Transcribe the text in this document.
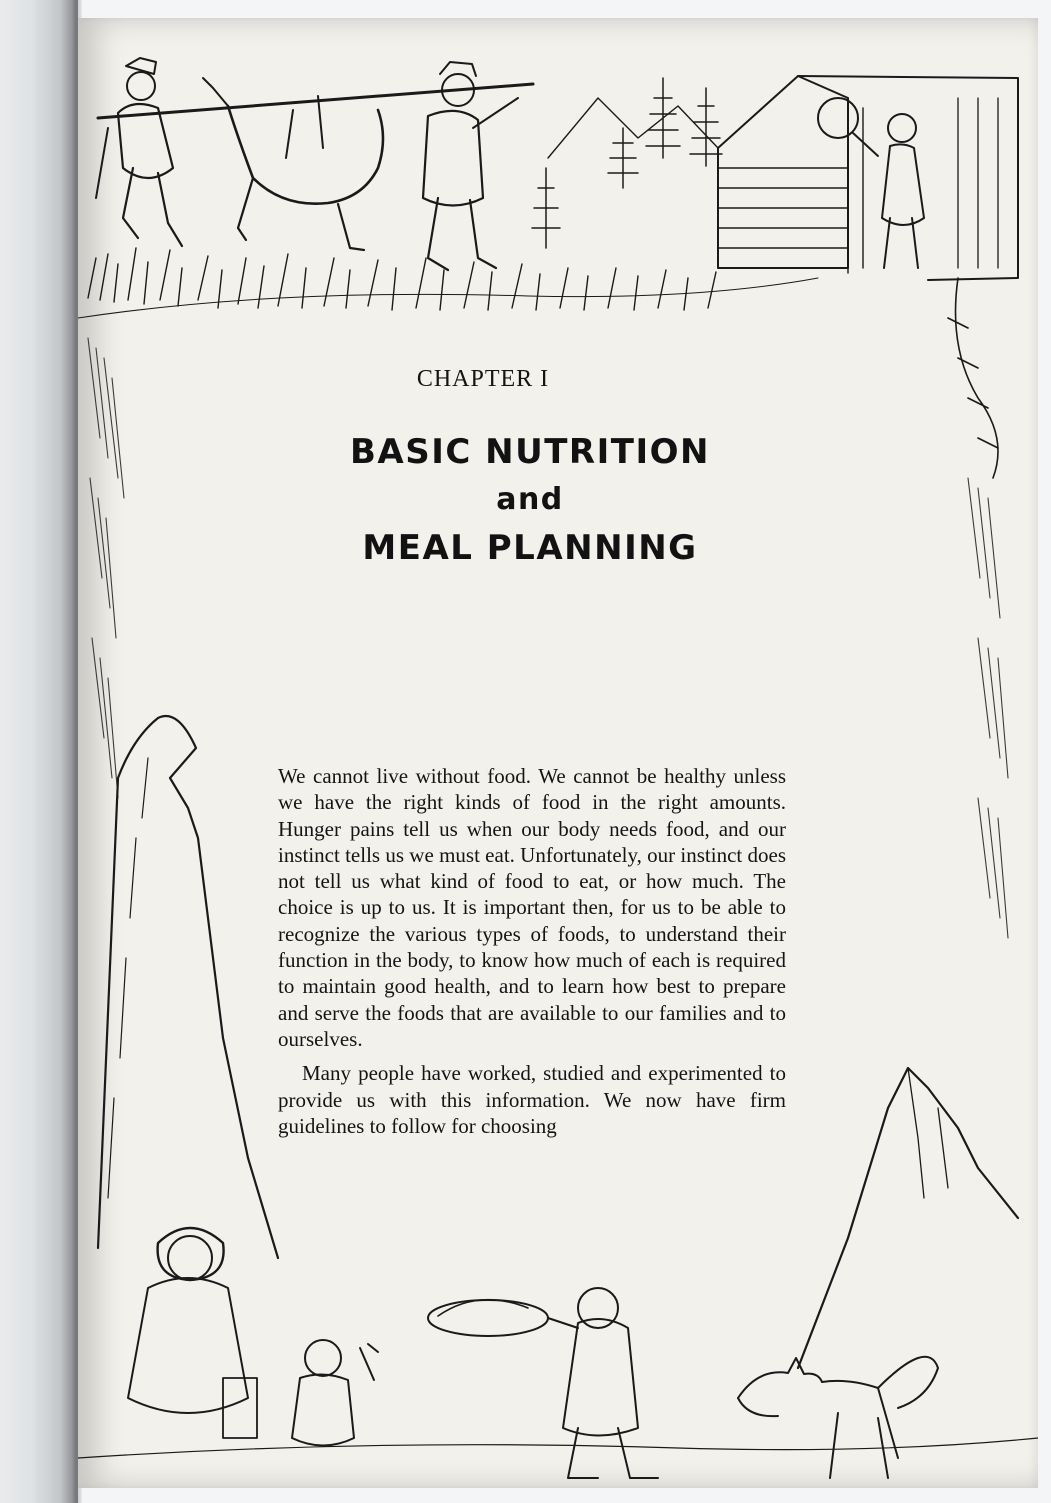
CHAPTER I
BASIC NUTRITION
and
MEAL PLANNING

We cannot live without food. We cannot be healthy unless we have the right kinds of food in the right amounts. Hunger pains tell us when our body needs food, and our instinct tells us we must eat. Unfortunately, our instinct does not tell us what kind of food to eat, or how much. The choice is up to us. It is important then, for us to be able to recognize the various types of foods, to understand their function in the body, to know how much of each is required to maintain good health, and to learn how best to prepare and serve the foods that are available to our families and to ourselves.

Many people have worked, studied and experimented to provide us with this information. We now have firm guidelines to follow for choosing
